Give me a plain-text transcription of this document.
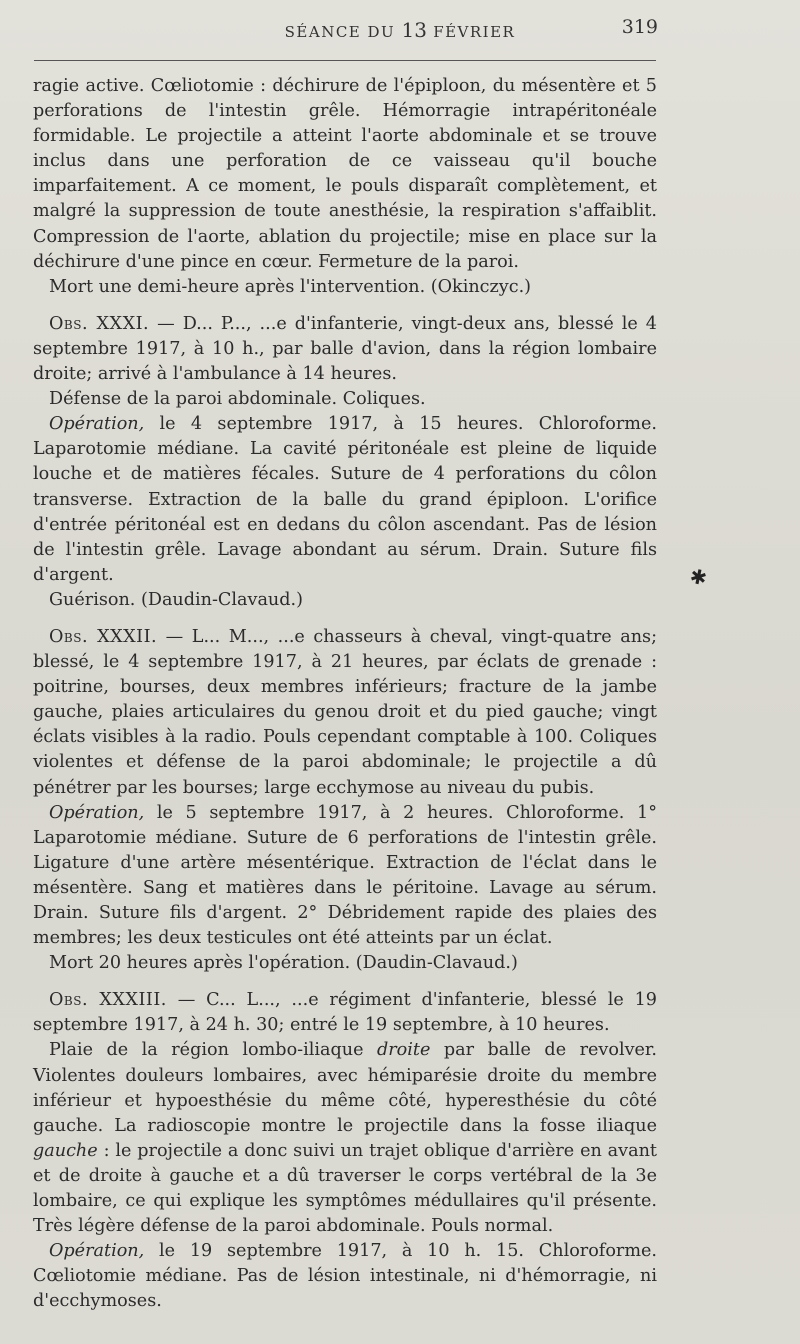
SÉANCE DU 13 FÉVRIER	319

ragie active. Cœliotomie : déchirure de l'épiploon, du mésentère et 5 perforations de l'intestin grêle. Hémorragie intrapéritonéale formidable. Le projectile a atteint l'aorte abdominale et se trouve inclus dans une perforation de ce vaisseau qu'il bouche imparfaitement. A ce moment, le pouls disparaît complètement, et malgré la suppression de toute anesthésie, la respiration s'affaiblit. Compression de l'aorte, ablation du projectile; mise en place sur la déchirure d'une pince en cœur. Fermeture de la paroi.

Mort une demi-heure après l'intervention. (Okinczyc.)

Obs. XXXI. — D... P..., ...e d'infanterie, vingt-deux ans, blessé le 4 septembre 1917, à 10 h., par balle d'avion, dans la région lombaire droite; arrivé à l'ambulance à 14 heures.

Défense de la paroi abdominale. Coliques.

Opération, le 4 septembre 1917, à 15 heures. Chloroforme. Laparotomie médiane. La cavité péritonéale est pleine de liquide louche et de matières fécales. Suture de 4 perforations du côlon transverse. Extraction de la balle du grand épiploon. L'orifice d'entrée péritonéal est en dedans du côlon ascendant. Pas de lésion de l'intestin grêle. Lavage abondant au sérum. Drain. Suture fils d'argent.

Guérison. (Daudin-Clavaud.)

Obs. XXXII. — L... M..., ...e chasseurs à cheval, vingt-quatre ans; blessé, le 4 septembre 1917, à 21 heures, par éclats de grenade : poitrine, bourses, deux membres inférieurs; fracture de la jambe gauche, plaies articulaires du genou droit et du pied gauche; vingt éclats visibles à la radio. Pouls cependant comptable à 100. Coliques violentes et défense de la paroi abdominale; le projectile a dû pénétrer par les bourses; large ecchymose au niveau du pubis.

Opération, le 5 septembre 1917, à 2 heures. Chloroforme. 1° Laparotomie médiane. Suture de 6 perforations de l'intestin grêle. Ligature d'une artère mésentérique. Extraction de l'éclat dans le mésentère. Sang et matières dans le péritoine. Lavage au sérum. Drain. Suture fils d'argent. 2° Débridement rapide des plaies des membres; les deux testicules ont été atteints par un éclat.

Mort 20 heures après l'opération. (Daudin-Clavaud.)

Obs. XXXIII. — C... L..., ...e régiment d'infanterie, blessé le 19 septembre 1917, à 24 h. 30; entré le 19 septembre, à 10 heures.

Plaie de la région lombo-iliaque droite par balle de revolver. Violentes douleurs lombaires, avec hémiparésie droite du membre inférieur et hypoesthésie du même côté, hyperesthésie du côté gauche. La radioscopie montre le projectile dans la fosse iliaque gauche : le projectile a donc suivi un trajet oblique d'arrière en avant et de droite à gauche et a dû traverser le corps vertébral de la 3e lombaire, ce qui explique les symptômes médullaires qu'il présente. Très légère défense de la paroi abdominale. Pouls normal.

Opération, le 19 septembre 1917, à 10 h. 15. Chloroforme. Cœliotomie médiane. Pas de lésion intestinale, ni d'hémorragie, ni d'ecchymoses.

✱
